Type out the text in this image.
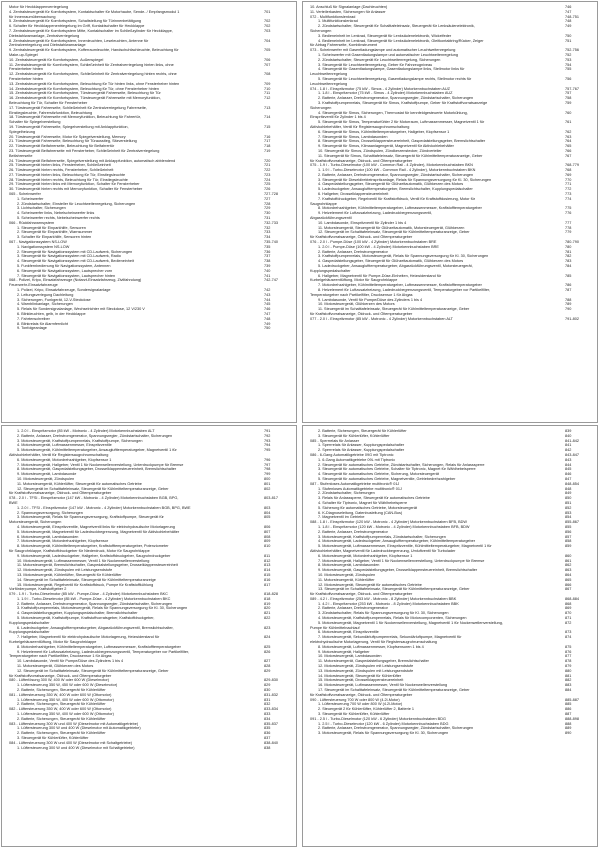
Motor für Heckklappenverriegelung
4. Zentralsteuergerät für Komfortsystem, Kontaktschalter für Motorhaube, Sende- / Empfangsmodul 1	701
für Innenraumüberwachung
5. Zentralsteuergerät für Komfortsystem, Schaltstellung für Türinnenbetätigung	702
6. Schalter für Heckklappenentriegelung im Griff, Kontaktschalter für Heckklappe	702
7. Zentralsteuergerät für Komfortsystem Mitte, Kontaktschalter im Schließzylinder für Heckklappe,	703
Diebstahlwarnanlage, Zentralverriegelung
8. Zentralsteuergerät für Komfortsystem, Innenleuchten, Leseleuchten, Antenne für	704
Zentralverriegelung und Diebstahlwarnanlage
9. Zentralsteuergerät für Komfortsystem, Kofferraumleuchte, Handschuhfachleuchte, Beleuchtung für	705
Make-up-Spiegel
10. Zentralsteuergerät für Komfortsystem, Außenspiegel	706
11. Zentralsteuergerät für Komfortsystem, Schließeinheit für Zentralverriegelung hinten links, ohne	707
Fensterheber hinten
12. Zentralsteuergerät für Komfortsystem, Schließeinheit für Zentralverriegelung hinten rechts, ohne	708
Fensterheber hinten
13. Zentralsteuergerät für Komfortsystem, Beleuchtung für Tür hinten links, ohne Fensterheber hinten	709
14. Zentralsteuergerät für Komfortsystem, Beleuchtung für Tür, ohne Fensterheber hinten	710
15. Zentralsteuergerät für Komfortsystem, Türsteuergerät Fahrerseite, Beleuchtung für Tür	711
16. Zentralsteuergerät für Komfortsystem, Türsteuergerät Fahrerseite mit Memoryfunktion,	712
Beleuchtung für Tür, Schalter für Fensterheber
17. Türsteuergerät Fahrerseite, Schließeinheit für Zentralverriegelung Fahrerseite,	713
Einstiegsleuchte, Fahrersitzfunktion, Beleuchtung
18. Türsteuergerät Fahrerseite mit Memoryfunktion, Beleuchtung für Fahrertür,	714
Schalter für Spiegelverstellung
19. Türsteuergerät Fahrerseite, Spiegelverstellung mit Anklappfunktion,	715
Spiegelheizung
20. Türsteuergerät Fahrerseite, Motor für Spiegelverstellung, Memory	716
21. Türsteuergerät Fahrerseite, Beleuchtung für Türausstieg, Sitzverstellung	717
22. Türsteuergerät Beifahrerseite, Beleuchtung für Beifahrertür	718
23. Türsteuergerät Beifahrerseite mit Fensterheber, Schließeinheit für Zentralverriegelung	719
Beifahrerseite
24. Türsteuergerät Beifahrerseite, Spiegelverstellung mit Anklappfunktion, automatisch abblendend	720
25. Türsteuergerät hinten links, Fensterheber, Schließeinheit	721
26. Türsteuergerät hinten rechts, Fensterheber, Schließeinheit	722
27. Türsteuergerät hinten links, Beleuchtung für Tür, Einstiegsleuchte	723
28. Türsteuergerät hinten rechts, Beleuchtung für Tür, Einstiegsleuchte	724
29. Türsteuergerät hinten links mit Memoryfunktion, Schalter für Fensterheber	725
30. Türsteuergerät hinten rechts mit Memoryfunktion, Schalter für Fensterheber	726
065 - Scheinwerfer	727-728
1. Scheinwerfer	727
2. Zündstartschalter, Einsteller für Leuchtweitenregelung, Sicherungen	728
3. Lichtschalter, Sicherungen	729
4. Scheinwerfer links, Nebelscheinwerfer links	730
5. Scheinwerfer rechts, Nebelscheinwerfer rechts	731
066 - Rückfahrwarnsystem	732-733
1. Steuergerät für Einparkhilfe, Sensoren	732
2. Steuergerät für Einparkhilfe, Warnsummer	733
3. Schalter für Einparkhilfe, Sensoren hinten	734
067 - Navigationssystem NS-LOW	735-740
1. Navigationssystem NS-LOW	735
2. Steuergerät für Navigationssystem mit CD-Laufwerk, Sicherungen	736
3. Steuergerät für Navigationssystem mit CD-Laufwerk, Radio	737
4. Steuergerät für Navigationssystem mit CD-Laufwerk, Bedieneinheit	738
5. Funkfernbedienung für Navigationssystem, Antennen	739
6. Steuergerät für Navigationssystem, Lautsprecher vorn	740
7. Steuergerät für Navigationssystem, Lautsprecher hinten	741
068 - Polizei, Kripo, Einsatzfahrzeuge (Notarzt-Einsatzfahrzeug, Zivilfahndung)	742-747
Feuerwehr-Einsatzfahrzeuge
1. Polizei, Kripo, Einsatzfahrzeuge, Sondersignalanlage	742
2. Leitungsverlegung Dachleitung	743
3. Sicherungen, Funkgerät, 12-V-Steckdose	744
4. Warnblinkanlage, Sicherungen	745
5. Relais für Sondersignalanlage, Wechselrichter mit Steckdose, 12 V/230 V	746
6. Blinkleuchten, gelb, in der Heckklappe	747
7. Fahrtenschreiber	748
8. Blinkrelais für Alarmfernlicht	749
9. Tonfolgeanlage	750
10. Anschluß für Signalanlage (Dachleuchten)	746
11. Verteilerkasten, Sicherungen für Anlasser	747
072 - Multifunktionslenkrad	748-751
1. Multifunktionslenkrad	748
2. Zündstartschalter, Steuergerät für Schalttafeleinsatz, Steuergerät für Lenksäulenelektronik,	749
Sicherungen
3. Bedieneinheit im Lenkrad, Steuergerät für Lenksäulenelektronik, Wickelfeder	750
4. Bedieneinheit im Lenkrad, Steuergerät für Lenksäulenelektronik, Gleitkontaktring/Rücker, Zeiger	751
für Airbag Fahrerseite, Kombiinstrument
073 - Scheinwerfer mit Gasentladungslampe und automatischer Leuchtweitenregelung	752-756
1. Scheinwerfer mit Gasentladungslampe und automatischer Leuchtweitenregelung	752
2. Zündstartschalter, Steuergerät für Leuchtweitenregelung, Sicherungen	753
3. Steuergerät für Leuchtweitenregelung, Geber für Fahrzeugniveau	754
4. Steuergerät für Gasentladungslampe, Gasentladungslampe links, Stellmotor links für	755
Leuchtweitenregelung
5. Steuergerät für Leuchtweitenregelung, Gasentladungslampe rechts, Stellmotor rechts für	756
Leuchtweitenregelung
074 - 1.8 l - Einspritzmotor (75 kW - Simos - 4 Zylinder) Motorkennbuchstaben AUZ	757-767
1. 1.8 l - Einspritzmotor (75 kW - Simos - 4 Zylinder) Motorkennbuchstaben AUZ	757
2. Batterie, Anlasser, Drehstromgenerator, Spannungsregler, Zündstartschalter, Sicherungen	758
3. Kraftstoffpumpenrelais, Steuergerät für Simos, Kraftstoffpumpe, Geber für Kraftstoffvorratsanzeige	759
Sicherungen
4. Steuergerät für Simos, Sicherungen, Thermostat für kennfeldgesteuerte Motorkühlung,	760
Einspritzventil für Zylinder 1 bis 4
5. Steuergerät für Simos, Temperaturfühler 2 für Motorraum, Luftmassenmesser, Magnetventil 1 für	761
Aktivkohlebehälter, Ventil für Registersaugrohrumschaltung
6. Steuergerät für Simos, Kühlmitteltemperaturgeber, Hallgeber, Klopfsensor 1	762
7. Steuergerät für Simos, Lambdasonden	763
8. Steuergerät für Simos, Drosselklappensteuereinheit, Gaspedalstellungsgeber, Bremslichtschalter	764
9. Steuergerät für Simos, Klimaanlagengerät, Magnetventil für Aktivkohlebehälter	765
10. Steuergerät für Simos, Zündspulen, Zündkerzenstecker, Zündverteiler	766
11. Steuergerät für Simos, Schalttafeleinsatz, Steuergerät für Kühlmitteltemperaturanzeige, Geber	767
für Kraftstoffvorratsanzeige, Öldruck- und Öltemperaturgeber
075 - 1.9 l - Turbo-Dieselmotor (100 kW - Common Rail - 4 Zylinder), Motorkennbuchstaben BKN	768-779
1. 1.9 l - Turbo-Dieselmotor (100 kW - Common Rail - 4 Zylinder), Motorkennbuchstaben BKN	768
2. Batterie, Anlasser, Drehstromgenerator, Spannungsregler, Zündstartschalter, Sicherungen	769
3. Steuergerät für Dieseldirekteinspritzanlage, Relais für Spannungsversorgung für Kl. 30, Sicherungen	770
4. Gaspedalstellungsgeber, Steuergerät für Glühzeitautomatik, Glühkerzen des Motors	771
5. Ladedruckgeber, Ansauglufttemperaturgeber, Bremslichtschalter, Kupplungspedalschalter	772
6. Hallgeber, Drosselklappensteuereinheit	773
7. Kraftstoffdruckgeber, Regelventil für Kraftstoffdruck, Ventil für Kraftstoffdosierung, Motor für	774
Saugrohrklappe
8. Motordrehzahlgeber, Kühlmitteltemperaturgeber, Luftmassenmesser, Kraftstofftemperaturgeber	775
9. Heizelement für Luftzusatzheizung, Ladedruckbegrenzungsventil,	776
Abgasrückführungsventil
10. Lambdasonde, Einspritzventil für Zylinder 1 bis 4	777
11. Motorsteuergerät, Steuergerät für Glühzeitautomatik, Motorsteuergerät, Glühkerzen	778
12. Steuergerät im Schalttafeleinsatz, Steuergerät für Kühlmitteltemperaturanzeige, Geber	779
für Kraftstoffvorratsanzeige, Öldruck- und Öltemperaturgeber
076 - 2.0 l - Pumpe-Düse (100 kW - 4 Zylinder) Motorkennbuchstaben BRE	780-790
1. 2.0 l - Pumpe-Düse (100 kW - 4 Zylinder) Motorkennbuchstaben BRE	780
2. Batterie, Anlasser, Drehstromgenerator	781
3. Kraftstoffpumpenrelais, Motorsteuergerät, Relais für Spannungsversorgung für Kl. 30, Sicherungen	782
4. Gaspedalstellungsgeber, Steuergerät für Glühzeitautomatik, Glühkerzen des Motors	783
5. Ladedruckgeber, Ansauglufttemperaturgeber, Abgasrückführungsventil, Motorsteuergerät,	784
Kupplungspedalschalter
6. Hallgeber, Magnetventil für Pumpe-Düse-Einheiten, Heizwiderstand für	785
Kurbelgehäuseentlüftung, Motor für Saugrohrklappe
7. Motordrehzahlgeber, Kühlmitteltemperaturgeber, Luftmassenmesser, Kraftstofftemperaturgeber	786
8. Heizelement für Luftzusatzheizung, Ladedruckbegrenzungsventil, Temperaturgeber vor Partikelfilter,	787
Temperaturgeber nach Partikelfilter, Drucksensor 1 für Abgas
9. Lambdasonde, Ventil für Pumpe/Düse des Zylinders 1 bis 4	788
10. Motorsteuergerät, Glühkerzen des Motors	789
11. Steuergerät im Schalttafeleinsatz, Steuergerät für Kühlmitteltemperaturanzeige, Geber	790
für Kraftstoffvorratsanzeige, Öldruck- und Öltemperaturgeber
077 - 2.0 l - Einspritzmotor (85 kW - Motronic - 4 Zylinder) Motorkennbuchstaben ALT	791-802
1. 2.0 l - Einspritzmotor (85 kW - Motronic - 4 Zylinder) Motorkennbuchstaben ALT	791
2. Batterie, Anlasser, Drehstromgenerator, Spannungsregler, Zündstartschalter, Sicherungen	792
3. Motorsteuergerät, Kraftstoffpumpenrelais, Kraftstoffpumpe, Sicherungen	793
4. Motorsteuergerät, Luftmassenmesser, Einspritzventile	794
5. Motorsteuergerät, Kühlmitteltemperaturgeber, Ansauglufttemperaturgeber, Magnetventil 1 für	795
Aktivkohlebehälter, Ventil für Registersaugrohrumschaltung
6. Motorsteuergerät, Motordrehzahlgeber, Klopfsensor 1	796
7. Motorsteuergerät, Hallgeber, Ventil 1 für Nockenwellenverstellung, Unterdruckpumpe für Bremse	797
8. Motorsteuergerät, Gaspedalstellungsgeber, Drosselklappensteuereinheit, Bremslichtschalter	798
9. Motorsteuergerät, Lambdasonde	799
10. Motorsteuergerät, Zündspulen	800
11. Motorsteuergerät, Kühlerlüfter, Steuergerät für automatisches Getriebe	801
12. Steuergerät im Schalttafeleinsatz, Steuergerät für Kühlmitteltemperaturanzeige, Geber	802
für Kraftstoffvorratsanzeige, Öldruck- und Öltemperaturgeber
078 - 2.0 l - TFSI - Einspritzmotor (147 kW - Motronic - 4 Zylinder) Motorkennbuchstaben BGB, BPG,	803-817
BWE
1. 2.0 l - TFSI - Einspritzmotor (147 kW - Motronic - 4 Zylinder) Motorkennbuchstaben BGB, BPG, BWE	803
2. Spannungsversorgung, Sicherungen	804
3. Motorsteuergerät, Relais für Spannungsversorgung, Kraftstoffpumpe, Steuergerät für	805
Motorsteuergerät, Sicherungen
4. Motorsteuergerät, Einspritzventile, Magnetventil links für elektrohydraulische Motorlagerung	806
5. Motorsteuergerät, Magnetventil für Ladedruckbegrenzung, Magnetventil für Aktivkohlebehälter	807
6. Motorsteuergerät, Lambdasonden	808
7. Motorsteuergerät, Motordrehzahlgeber, Klopfsensor	809
8. Motorsteuergerät, Kühlmitteltemperaturgeber, Kraftstofftemperaturgeber, Potenziometer	810
für Saugrohrklappe, Kraftstoffdruckgeber für Niederdruck, Motor für Saugrohrklappe
9. Motorsteuergerät, Ladedruckgeber, Hallgeber, Kraftstoffdruckgeber, Saugrohrdruckgeber	811
10. Motorsteuergerät, Luftmassenmesser, Ventil 1 für Nockenwellenverstellung	812
11. Motorsteuergerät, Bremslichtschalter, Gaspedalstellungsgeber, Drosselklappensteuereinheit	813
12. Motorsteuergerät, Zündspulen mit Leistungsendstufe	814
13. Motorsteuergerät, Kühlerlüfter, Steuergerät für Kühlerlüfter	815
14. Steuergerät im Schalttafeleinsatz, Steuergerät für Kühlmitteltemperaturanzeige	816
15. Motorsteuergerät, Regelventil für Kraftstoffdruck, Pumpe für Kraftstoffkühlung	817
Vorförderpumpe, Kraftstoffgeber 2
079 - 1.9 l - Turbo-Dieselmotor (85 kW - Pumpe-Düse - 4 Zylinder) Motorkennbuchstaben BKC	818-828
1. 1.9 l - Turbo-Dieselmotor (85 kW - Pumpe-Düse - 4 Zylinder) Motorkennbuchstaben BKC	818
2. Batterie, Anlasser, Drehstromgenerator, Spannungsregler, Zündstartschalter, Sicherungen	819
3. Kraftstoffpumpenrelais, Motorsteuergerät, Relais für Spannungsversorgung für Kl. 30, Sicherungen	820
4. Gaspedalstellungsgeber, Kupplungspedalschalter, Bremslichtschalter	821
5. Motorsteuergerät, Kraftstoffpumpe, Kraftstoffvorratsgeber, Kraftstoffdruckgeber,	822
Kupplungspedalschalter
6. Ladedruckgeber, Ansauglufttemperaturgeber, Abgasrückführungsventil, Bremslichtschalter,	823
Kupplungspedalschalter
7. Hallgeber, Magnetventil für elektrohydraulische Motorlagerung, Heizwiderstand für	824
Kurbelgehäuseentlüftung, Motor für Saugrohrklappe
8. Motordrehzahlgeber, Kühlmitteltemperaturgeber, Luftmassenmesser, Kraftstofftemperaturgeber	825
9. Heizelement für Luftzusatzheizung, Ladedruckbegrenzungsventil, Temperaturgeber vor Partikelfilter,	826
Temperaturgeber nach Partikelfilter, Drucksensor 1 für Abgas
10. Lambdasonde, Ventil für Pumpe/Düse des Zylinders 1 bis 4	827
11. Motorsteuergerät, Glühkerzen des Motors	828
12. Steuergerät im Schalttafeleinsatz, Steuergerät für Kühlmitteltemperaturanzeige, Geber	829
für Kraftstoffvorratsanzeige, Öldruck- und Öltemperaturgeber
080 - Lüfterlösung 300 W, 400 W oder 600 W (Dieselmotor)	829-830
1. Lüftersteuerung 350 W, 450 W oder 600 W (Dieselmotor)	829
2. Batterie, Sicherungen, Steuergerät für Kühlerlüfter	830
081 - Lüftersteuerung 350 W, 400 W oder 600 W (Ottomotor)	831-832
1. Lüftersteuerung 350 W, 400 W oder 600 W (Ottomotor)	831
2. Batterie, Sicherungen, Steuergerät für Kühlerlüfter	832
082 - Lüftersteuerung 350 W, 400 W oder 600 W (Ottomotor)	833-834
1. Lüftersteuerung 350 W, 400 W oder 600 W (Ottomotor)	833
2. Batterie, Sicherungen, Steuergerät für Kühlerlüfter	834
083 - Lüftersteuerung 300 W und 400 W (Dieselmotor mit Automatikgetriebe)	835-837
1. Lüftersteuerung 300 W und 400 W (Dieselmotor mit Automatikgetriebe)	835
2. Batterie, Sicherungen, Steuergerät für Kühlerlüfter	836
3. Steuergerät für Kühlerlüfter, Kühlerlüfter	837
084 - Lüftersteuerung 300 W und 400 W (Dieselmotor mit Schaltgetriebe)	838-840
1. Lüftersteuerung 300 W und 400 W (Dieselmotor mit Schaltgetriebe)	838
2. Batterie, Sicherungen, Steuergerät für Kühlerlüfter	839
3. Steuergerät für Kühlerlüfter, Kühlerlüfter	840
085 - Sperrrelais für Anlasser	841-842
1. Sperrrelais für Anlasser, Kupplungspedalschalter	841
2. Sperrrelais für Anlasser, Kupplungspedalschalter	842
086 - 6-Gang Automatikgetriebe 09G mit Tiptronic	843-847
1. 6-Gang Automatikgetriebe 09L mit Tiptronic	843
2. Steuergerät für automatisches Getriebe, Zündstartschalter, Sicherungen, Relais für Anlasssperre	844
3. Steuergerät für automatisches Getriebe, Schalter für Tiptronic, Magnet für Wählhebelsperre	845
4. Steuergerät für automatisches Getriebe, Sicherung, Motorsteuergerät	846
5. Steuergerät für automatisches Getriebe, Magnetventile, Getriebedrehzahlgeber	847
087 - Stufenloses Automatikgetriebe multitronic® 01J	848-854
1. Stufenloses Automatikgetriebe multitronic® 01J	848
2. Zündstartschalter, Sicherungen	849
3. Relais für Anlasssperre, Steuergerät für automatisches Getriebe	850
4. Schalter für Tiptronic, Magnet für Wählhebelsperre	851
5. Sicherung für automatisches Getriebe, Motorsteuergerät	852
6. K-Diagnoseleitung, Datenbusleitung (CAN-Bus)	853
7. Magnetventil im Getriebe	854
088 - 1.8 l - Einspritzmotor (120 kW - Motronic - 4 Zylinder) Motorkennbuchstaben BFB, BDW	855-867
1. 1.8 l - Einspritzmotor (120 kW - Motronic - 4 Zylinder) Motorkennbuchstaben BFB, BDW	855
2. Batterie, Anlasser, Drehstromgenerator	856
3. Motorsteuergerät, Kraftstoffpumpenrelais, Zündstartschalter, Sicherungen	857
4. Motorsteuergerät, Ladedruckgeber, Ansauglufttemperaturgeber, Kühlmitteltemperaturgeber	858
5. Motorsteuergerät, Luftmassenmesser, Einspritzventile, Kühlmitteltemperaturgeber, Magnetventil 1 für	859
Aktivkohlebehälter, Magnetventil für Ladedruckbegrenzung, Umluftventil für Turbolader
6. Motorsteuergerät, Motordrehzahlgeber, Klopfsensor 1	860
7. Motorsteuergerät, Hallgeber, Ventil 1 für Nockenwellenverstellung, Unterdruckpumpe für Bremse	861
8. Motorsteuergerät, Lambdasonden	862
9. Motorsteuergerät, Gaspedalstellungsgeber, Drosselklappensteuereinheit, Bremslichtschalter	863
10. Motorsteuergerät, Zündspulen	864
11. Motorsteuergerät, Kühlerlüfter	865
12. Motorsteuergerät, Steuergerät für automatisches Getriebe	866
13. Steuergerät im Schalttafeleinsatz, Steuergerät für Kühlmitteltemperaturanzeige, Geber	867
für Kraftstoffvorratsanzeige, Öldruck- und Öltemperaturgeber
089 - 4.2 l - Einspritzmotor (253 kW - Motronic - 8 Zylinder) Motorkennbuchstaben BBK	868-884
1. 4.2 l - Einspritzmotor (253 kW - Motronic - 8 Zylinder) Motorkennbuchstaben BBK	868
2. Batterie, Anlasser, Drehstromgenerator	869
3. Zündstartschalter, Relais für Spannungsversorgung für Kl. 30, Sicherungen	870
4. Motorsteuergerät, Kraftstoffpumpenrelais, Relais für Motorcomponenten, Sicherungen	871
5. Motorsteuergerät, Magnetventil 1 für Nockenwellenverstellung, Magnetventil 1 für Nockenwellenverstellung,	872
Pumpe für Kühlmittelnachlauf
6. Motorsteuergerät, Einspritzventile	873
7. Motorsteuergerät, Sekundärluftpumpenrelais, Sekundärluftpumpe, Magnetventil für	874
elektrohydraulische Motorlagerung, Ventil für Registersaugrohrumschaltung
8. Motorsteuergerät, Luftmassenmesser, Klopfsensoren 1 bis 4	875
9. Motorsteuergerät, Hallgeber	876
10. Motorsteuergerät, Lambdasonden	877
11. Motorsteuergerät, Gaspedalstellungsgeber, Bremslichtschalter	878
12. Motorsteuergerät, Zündspulen mit Leistungsendstufe	879
13. Motorsteuergerät, Zündspulen mit Leistungsendstufe	880
14. Motorsteuergerät, Steuergerät für Kühlerlüfter	881
15. Motorsteuergerät, Drosselklappensteuereinheit	882
16. Motorsteuergerät, Luftmassenmesser, Ventil für Nockenwellenverstellung	883
17. Steuergerät im Schalttafeleinsatz, Steuergerät für Kühlmitteltemperaturanzeige, Geber	884
für Kraftstoffvorratsanzeige, Öldruck- und Öltemperaturgeber
090 - Lüftersteuerung 700 W oder 800 W (4.2l-Motor)	885-887
1. Lüftersteuerung 700 W oder 800 W (4.2l-Motor)	885
2. Steuergerät 2 für Kühlerlüfter, Kühlerlüfter 2, Batterie 1	886
3. Steuergerät für Kühlerlüfter, Kühlerlüfter	887
091 - 2.5 l - Turbo-Dieselmotor (120 kW - 6 Zylinder) Motorkennbuchstaben BDG	888-898
1. 2.5 l - Turbo-Dieselmotor (120 kW - 6 Zylinder) Motorkennbuchstaben BDG	888
2. Batterie, Anlasser, Drehstromgenerator, Spannungsregler, Zündstartschalter, Sicherungen	889
3. Motorsteuergerät, Relais für Spannungsversorgung für Kl. 30, Sicherungen	890
